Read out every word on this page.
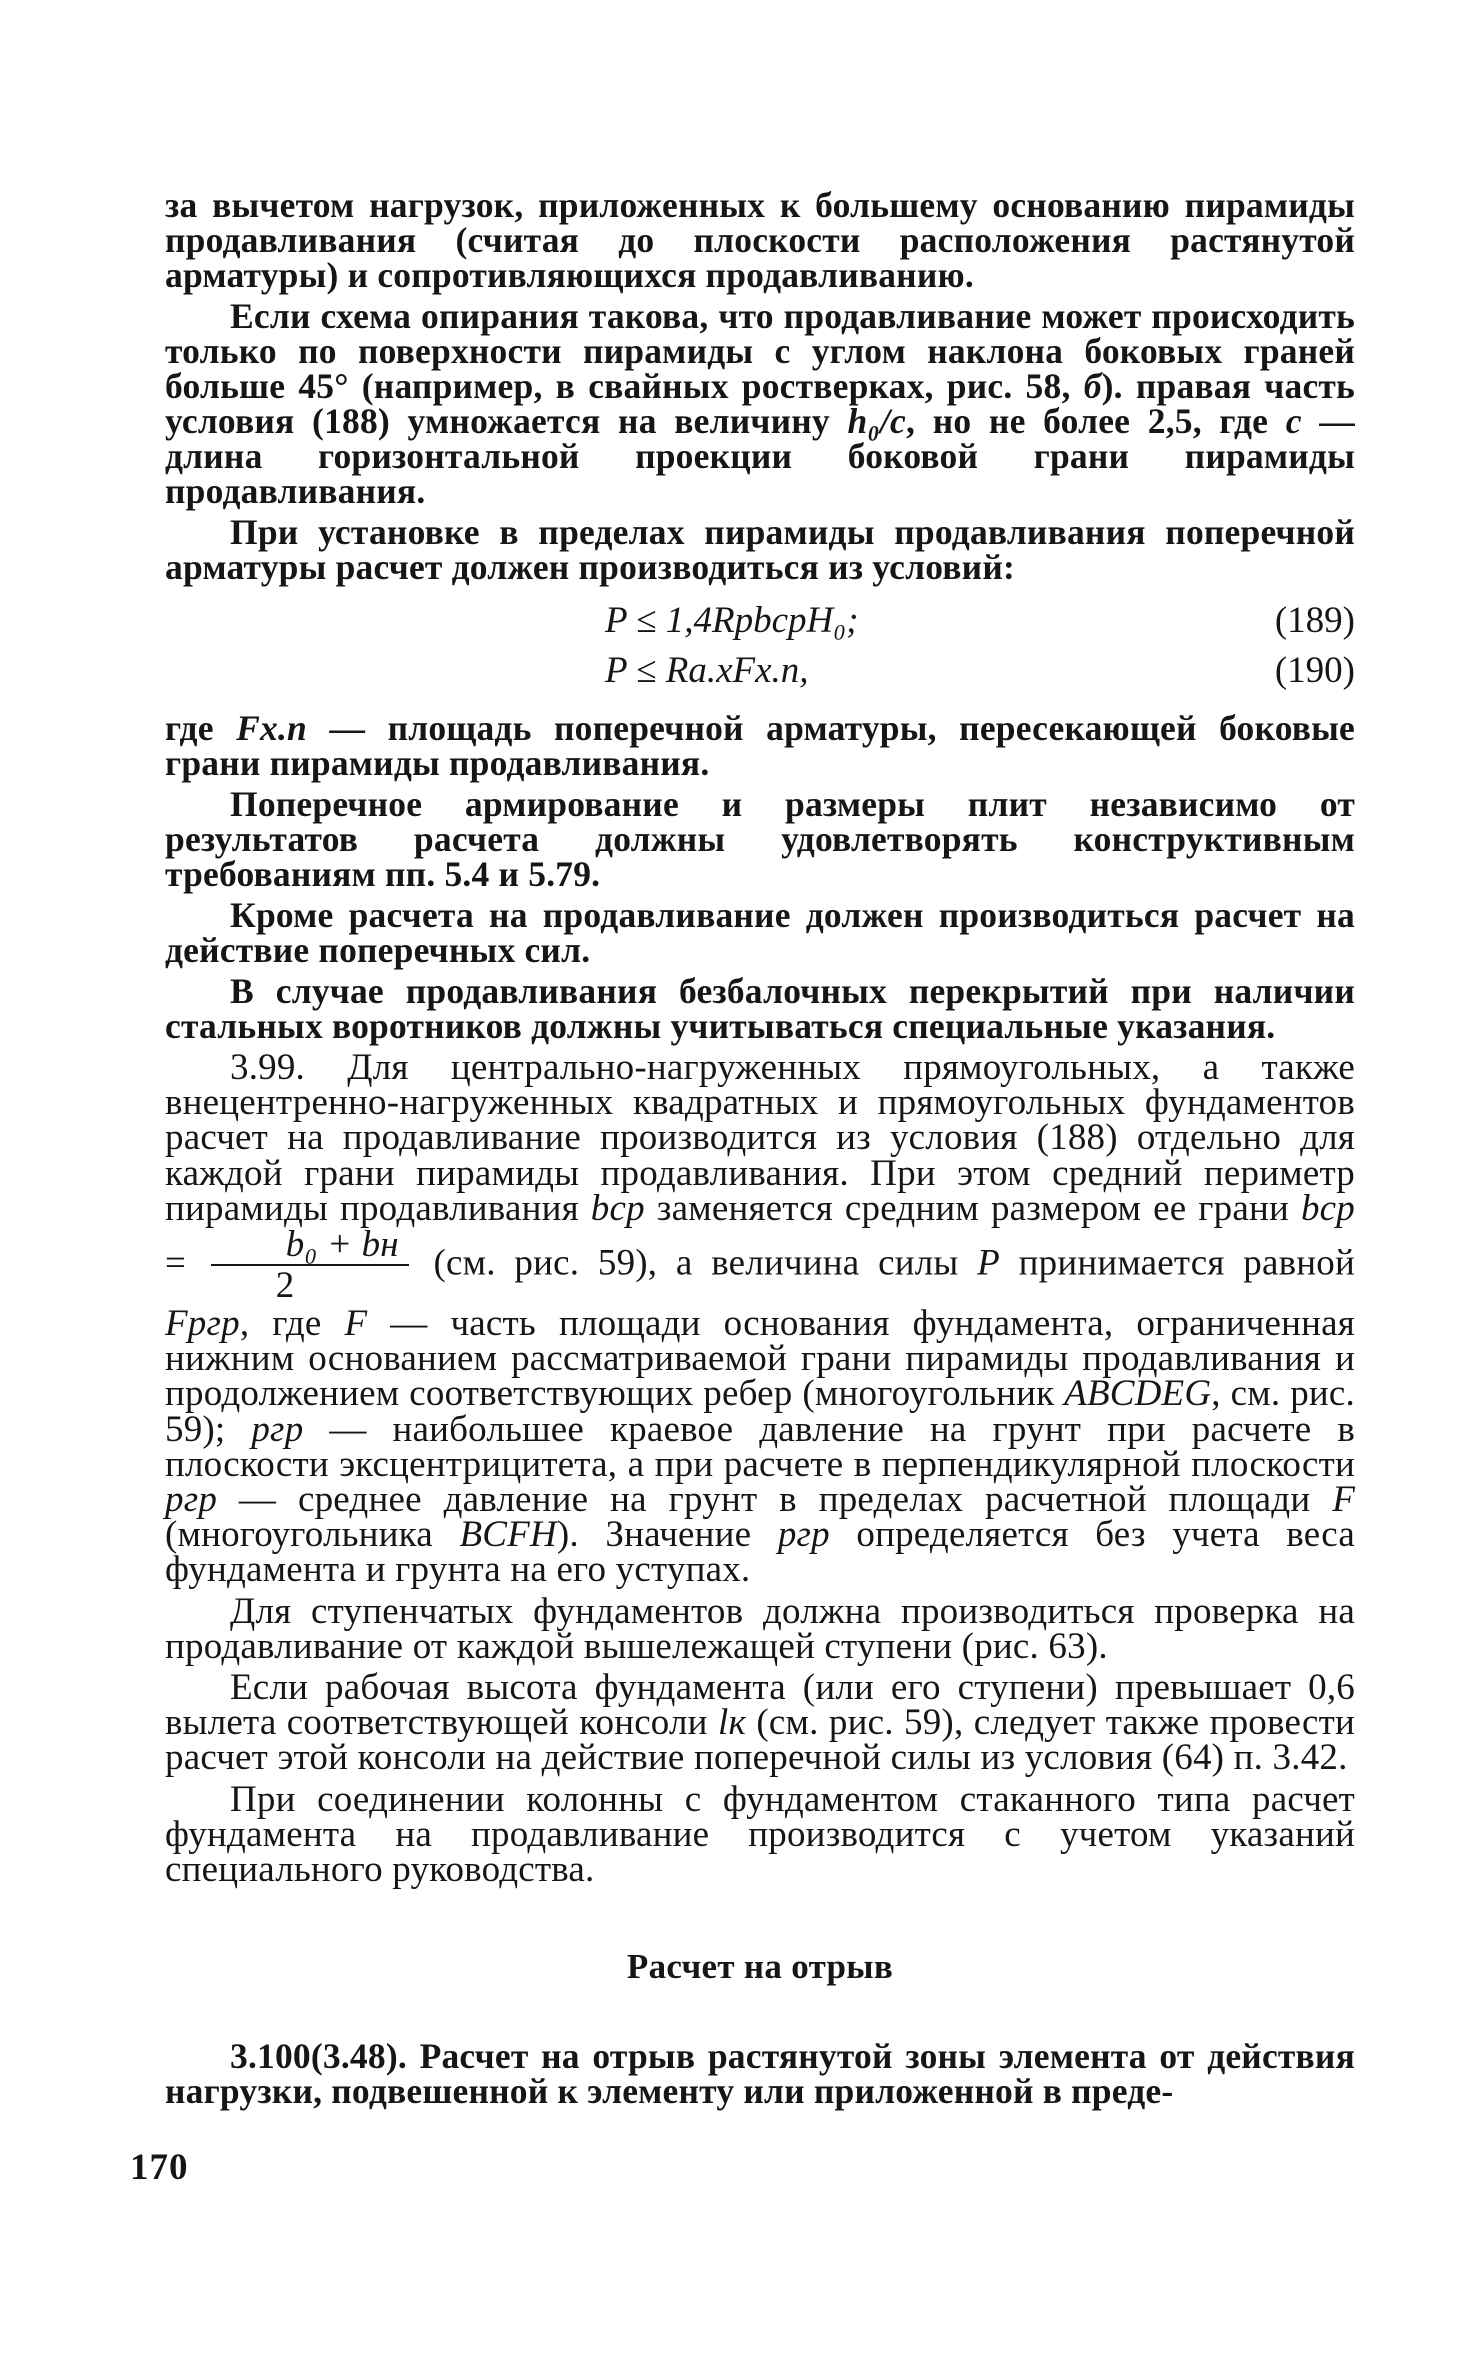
за вычетом нагрузок, приложенных к большему основанию пирамиды продавливания (считая до плоскости расположения растянутой арматуры) и сопротивляющихся продавливанию.

Если схема опирания такова, что продавливание может происходить только по поверхности пирамиды с углом наклона боковых граней больше 45° (например, в свайных ростверках, рис. 58, б). правая часть условия (188) умножается на величину h₀/c, но не более 2,5, где c — длина горизонтальной проекции боковой грани пирамиды продавливания.

При установке в пределах пирамиды продавливания поперечной арматуры расчет должен производиться из условий:

P ≤ 1,4RрbсрΗ₀;	(189)
P ≤ Rа.хFх.п,	(190)

где Fх.п — площадь поперечной арматуры, пересекающей боковые грани пирамиды продавливания.

Поперечное армирование и размеры плит независимо от результатов расчета должны удовлетворять конструктивным требованиям пп. 5.4 и 5.79.

Кроме расчета на продавливание должен производиться расчет на действие поперечных сил.

В случае продавливания безбалочных перекрытий при наличии стальных воротников должны учитываться специальные указания.

3.99. Для центрально-нагруженных прямоугольных, а также внецентренно-нагруженных квадратных и прямоугольных фундаментов расчет на продавливание производится из условия (188) отдельно для каждой грани пирамиды продавливания. При этом средний периметр пирамиды продавливания bср заменяется средним размером ее грани bср = $\frac{\text{b₀ + bн}}{2} (см$. рис. 59), а величина силы P принимается равной Fpгр, где F — часть площади основания фундамента, ограниченная нижним основанием рассматриваемой грани пирамиды продавливания и продолжением соответствующих ребер (многоугольник ABCDEG, см. рис. 59); pгр — наибольшее краевое давление на грунт при расчете в плоскости эксцентрицитета, а при расчете в перпендикулярной плоскости pгр — среднее давление на грунт в пределах расчетной площади F (многоугольника BCFH). Значение pгр определяется без учета веса фундамента и грунта на его уступах.

Для ступенчатых фундаментов должна производиться проверка на продавливание от каждой вышележащей ступени (рис. 63).

Если рабочая высота фундамента (или его ступени) превышает 0,6 вылета соответствующей консоли lк (см. рис. 59), следует также провести расчет этой консоли на действие поперечной силы из условия (64) п. 3.42.

При соединении колонны с фундаментом стаканного типа расчет фундамента на продавливание производится с учетом указаний специального руководства.

Расчет на отрыв

3.100(3.48). Расчет на отрыв растянутой зоны элемента от действия нагрузки, подвешенной к элементу или приложенной в преде-

170
